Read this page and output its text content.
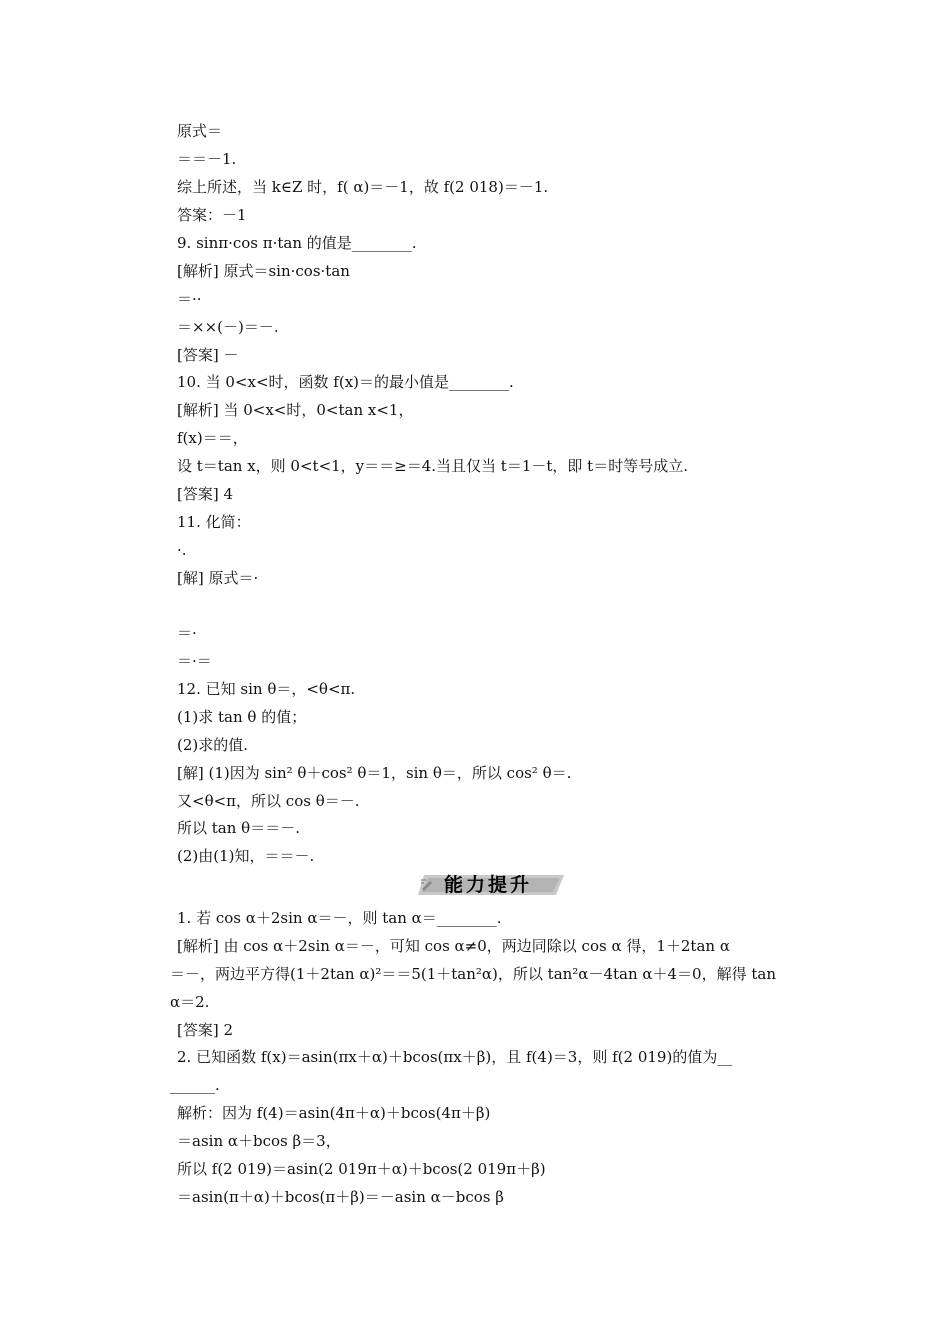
原式＝
＝＝－1.
综上所述，当 k∈Z 时，f( α)＝－1，故 f(2 018)＝－1.
答案：－1
9. sinπ·cos π·tan 的值是________.
[解析] 原式＝sin·cos·tan
＝··
＝××(－)＝－.
[答案] －
10. 当 0<x<时，函数 f(x)＝的最小值是________.
[解析] 当 0<x<时，0<tan x<1，
f(x)＝＝，
设 t＝tan x，则 0<t<1，y＝＝≥＝4.当且仅当 t＝1－t，即 t＝时等号成立.
[答案] 4
11. 化简：
·.
[解] 原式＝·
＝·
＝·＝
12. 已知 sin θ＝，<θ<π.
(1)求 tan θ 的值；
(2)求的值.
[解] (1)因为 sin² θ＋cos² θ＝1，sin θ＝，所以 cos² θ＝.
又<θ<π，所以 cos θ＝－.
所以 tan θ＝＝－.
(2)由(1)知，＝＝－.
能力提升
1. 若 cos α＋2sin α＝－，则 tan α＝________.
[解析] 由 cos α＋2sin α＝－，可知 cos α≠0，两边同除以 cos α 得，1＋2tan α
＝－，两边平方得(1＋2tan α)²＝＝5(1＋tan²α)，所以 tan²α－4tan α＋4＝0，解得 tan
α＝2.
[答案] 2
2. 已知函数 f(x)＝asin(πx＋α)＋bcos(πx＋β)，且 f(4)＝3，则 f(2 019)的值为__
______.
解析：因为 f(4)＝asin(4π＋α)＋bcos(4π＋β)
＝asin α＋bcos β＝3，
所以 f(2 019)＝asin(2 019π＋α)＋bcos(2 019π＋β)
＝asin(π＋α)＋bcos(π＋β)＝－asin α－bcos β
